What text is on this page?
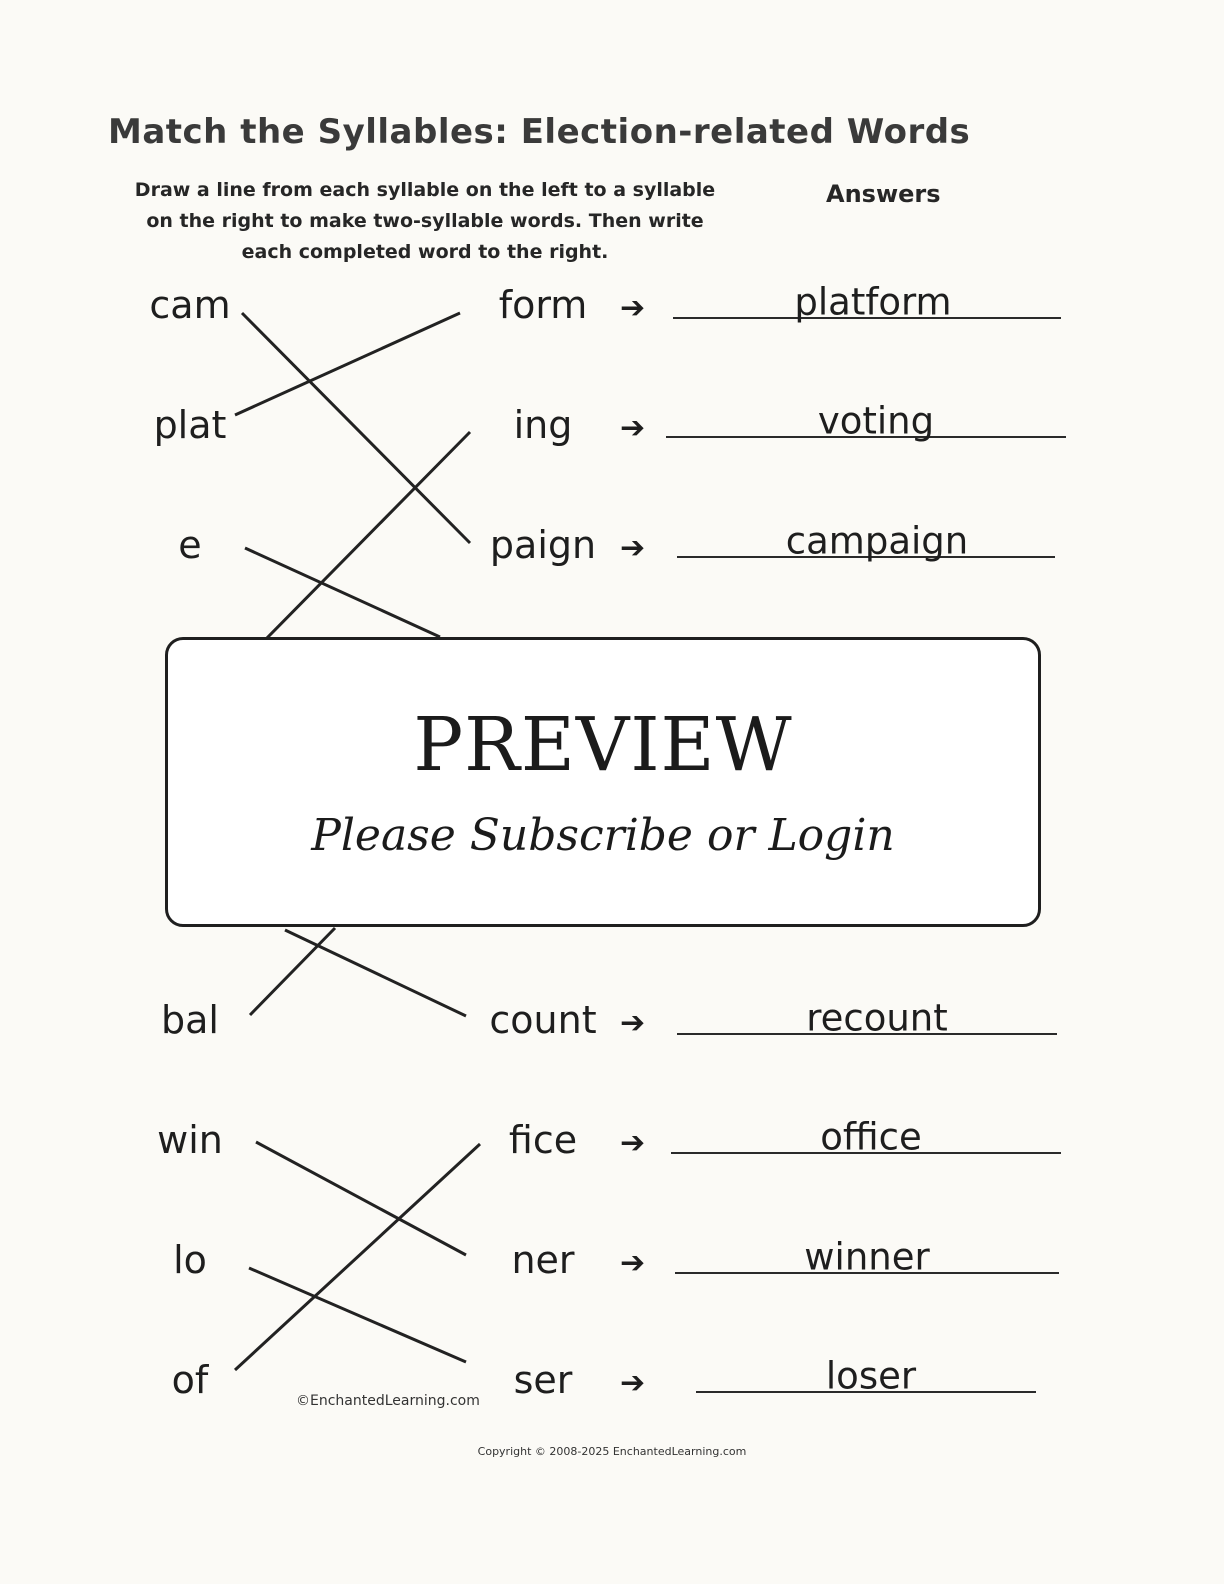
Match the Syllables: Election-related Words
Draw a line from each syllable on the left to a syllable on the right to make two-syllable words. Then write each completed word to the right.
Answers
cam	form	➔	platform
plat	ing	➔	voting
e	paign ➔	campaign
bal	count ➔	recount
win	fice	➔	office
lo	ner	➔	winner
of	ser	➔	loser
©EnchantedLearning.com
PREVIEW
Please Subscribe or Login
Copyright © 2008-2025 EnchantedLearning.com
